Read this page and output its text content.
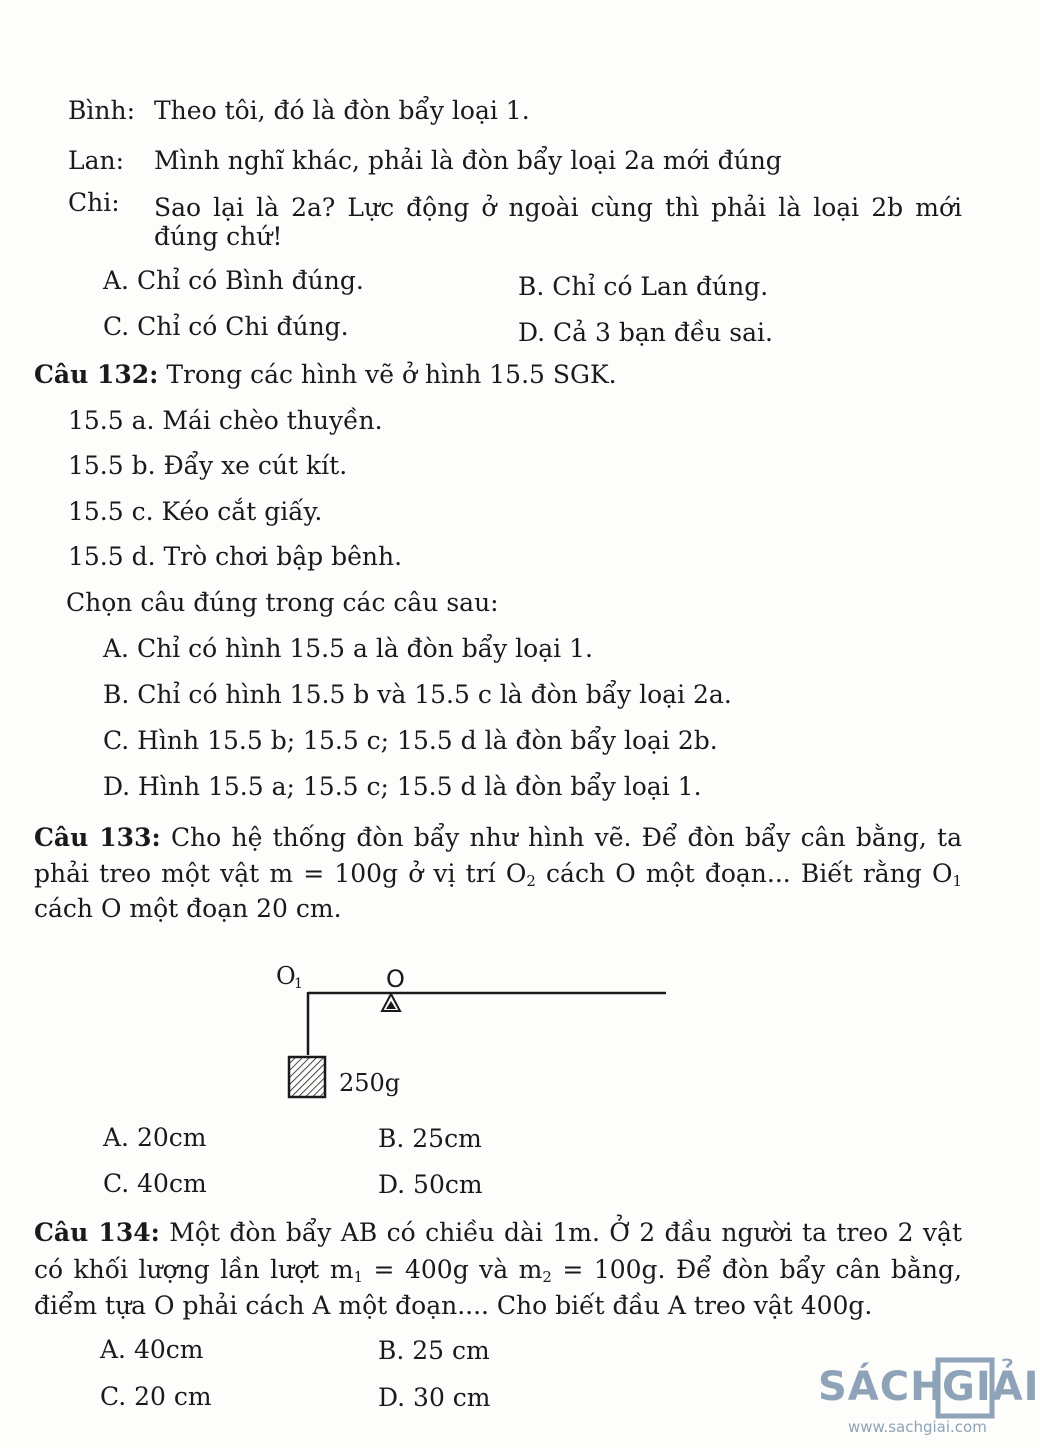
Bình: Theo tôi, đó là đòn bẩy loại 1.
Lan: Mình nghĩ khác, phải là đòn bẩy loại 2a mới đúng
Chi:	Sao lại là 2a? Lực động ở ngoài cùng thì phải là loại 2b mới
đúng chứ!
A. Chỉ có Bình đúng.	B. Chỉ có Lan đúng.
C. Chỉ có Chi đúng.	D. Cả 3 bạn đều sai.
Câu 132: Trong các hình vẽ ở hình 15.5 SGK.
15.5 a. Mái chèo thuyền.
15.5 b. Đẩy xe cút kít.
15.5 c. Kéo cắt giấy.
15.5 d. Trò chơi bập bênh.
Chọn câu đúng trong các câu sau:
A. Chỉ có hình 15.5 a là đòn bẩy loại 1.
B. Chỉ có hình 15.5 b và 15.5 c là đòn bẩy loại 2a.
C. Hình 15.5 b; 15.5 c; 15.5 d là đòn bẩy loại 2b.
D. Hình 15.5 a; 15.5 c; 15.5 d là đòn bẩy loại 1.
Câu 133: Cho hệ thống đòn bẩy như hình vẽ. Để đòn bẩy cân bằng, ta
phải treo một vật m = 100g ở vị trí $O_2$ cách O một đoạn... Biết rằng $O_1$
cách O một đoạn 20 cm.
O
1	O
250g
A. 20cm	B. 25cm
C. 40cm	D. 50cm
Câu 134: Một đòn bẩy AB có chiều dài 1m. Ở 2 đầu người ta treo 2 vật
có khối lượng lần lượt $m_1 = 400g$ và $m_2 = 100g$. Để đòn bẩy cân bằng,
điểm tựa O phải cách A một đoạn.... Cho biết đầu A treo vật 400g.
A. 40cm	B. 25 cm
C. 20 cm	D. 30 cm	SÁCH
GIẢI
www.sachgiai.com
